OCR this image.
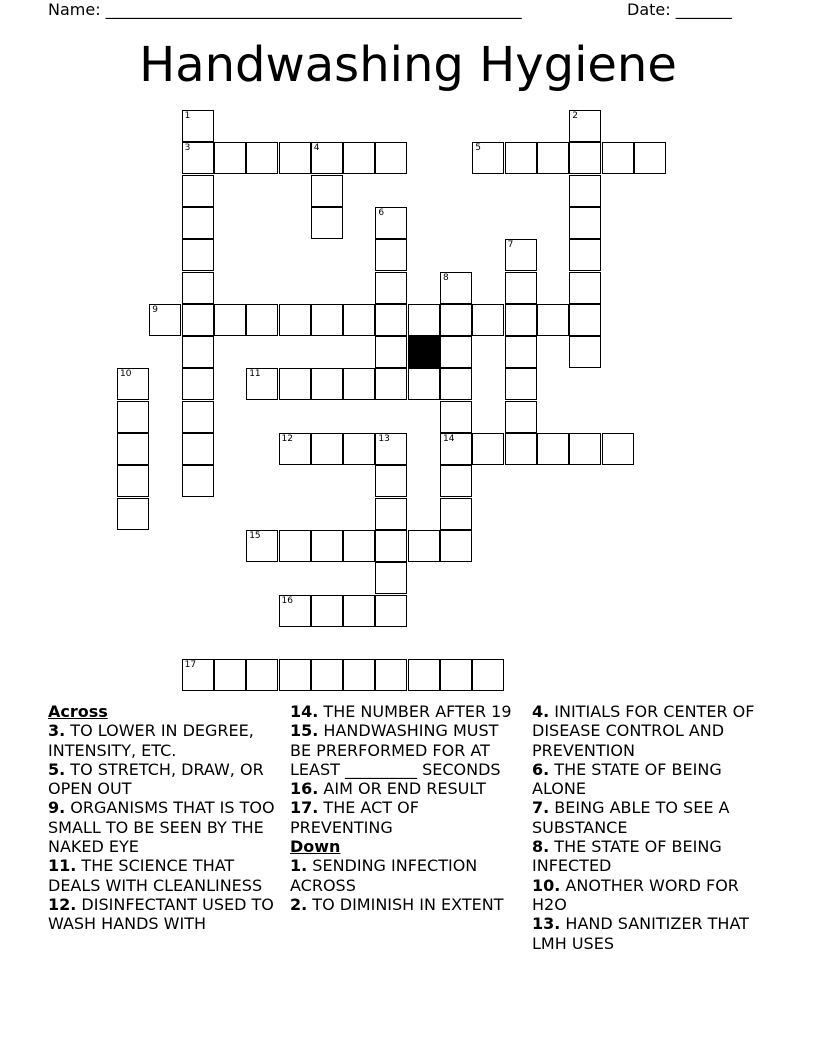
Name: ____________________________________________________	Date: _______
Handwashing Hygiene
1
3
2
4	5
6
7
8
14
9
10	11
12	13
15
16
17
Across
3. TO LOWER IN DEGREE, INTENSITY, ETC.
5. TO STRETCH, DRAW, OR OPEN OUT
9. ORGANISMS THAT IS TOO SMALL TO BE SEEN BY THE NAKED EYE
11. THE SCIENCE THAT DEALS WITH CLEANLINESS
12. DISINFECTANT USED TO WASH HANDS WITH
14. THE NUMBER AFTER 19
15. HANDWASHING MUST BE PRERFORMED FOR AT LEAST _________ SECONDS
16. AIM OR END RESULT
17. THE ACT OF PREVENTING
Down
1. SENDING INFECTION ACROSS
2. TO DIMINISH IN EXTENT
4. INITIALS FOR CENTER OF DISEASE CONTROL AND PREVENTION
6. THE STATE OF BEING ALONE
7. BEING ABLE TO SEE A SUBSTANCE
8. THE STATE OF BEING INFECTED
10. ANOTHER WORD FOR H2O
13. HAND SANITIZER THAT LMH USES
